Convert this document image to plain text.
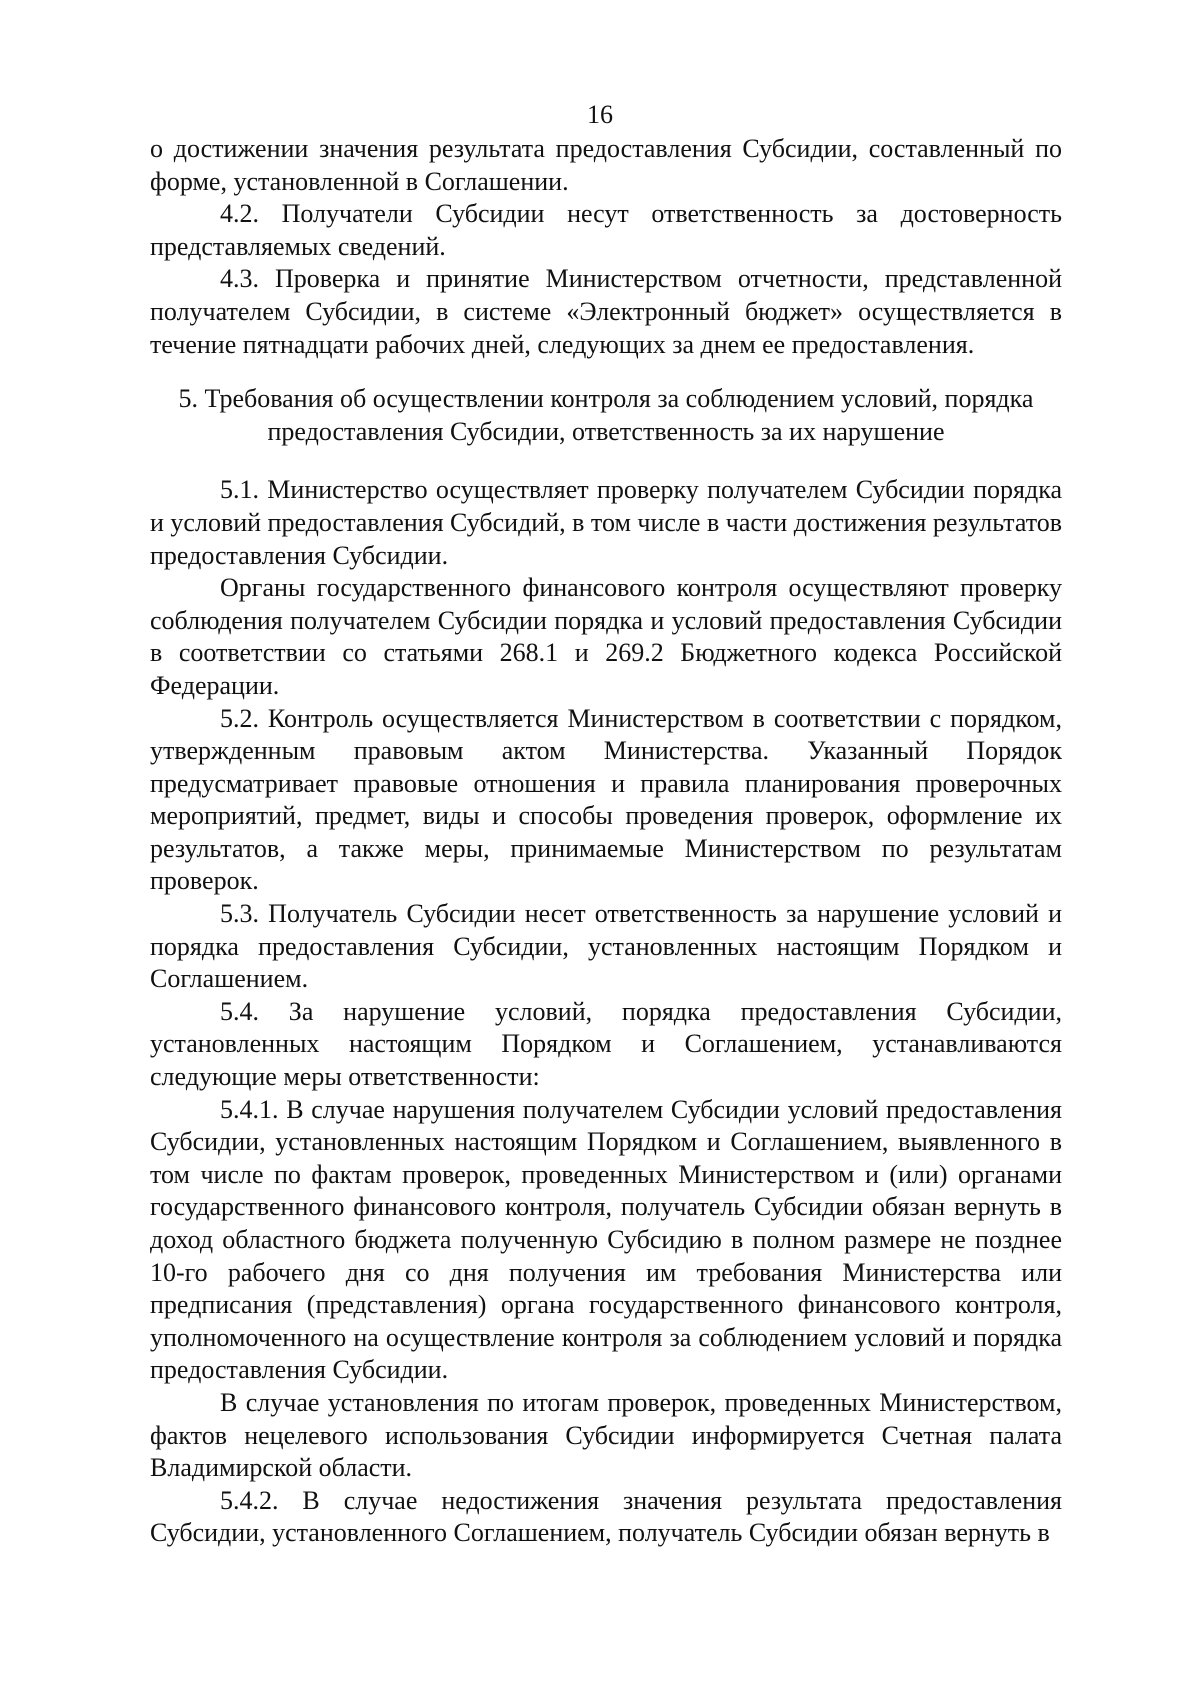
16

о достижении значения результата предоставления Субсидии, составленный по форме, установленной в Соглашении.

4.2. Получатели Субсидии несут ответственность за достоверность представляемых сведений.

4.3. Проверка и принятие Министерством отчетности, представленной получателем Субсидии, в системе «Электронный бюджет» осуществляется в течение пятнадцати рабочих дней, следующих за днем ее предоставления.

5. Требования об осуществлении контроля за соблюдением условий, порядка
предоставления Субсидии, ответственность за их нарушение

5.1. Министерство осуществляет проверку получателем Субсидии порядка и условий предоставления Субсидий, в том числе в части достижения результатов предоставления Субсидии.

Органы государственного финансового контроля осуществляют проверку соблюдения получателем Субсидии порядка и условий предоставления Субсидии в соответствии со статьями 268.1 и 269.2 Бюджетного кодекса Российской Федерации.

5.2. Контроль осуществляется Министерством в соответствии с порядком, утвержденным правовым актом Министерства. Указанный Порядок предусматривает правовые отношения и правила планирования проверочных мероприятий, предмет, виды и способы проведения проверок, оформление их результатов, а также меры, принимаемые Министерством по результатам проверок.

5.3. Получатель Субсидии несет ответственность за нарушение условий и порядка предоставления Субсидии, установленных настоящим Порядком и Соглашением.

5.4. За нарушение условий, порядка предоставления Субсидии, установленных настоящим Порядком и Соглашением, устанавливаются следующие меры ответственности:

5.4.1. В случае нарушения получателем Субсидии условий предоставления Субсидии, установленных настоящим Порядком и Соглашением, выявленного в том числе по фактам проверок, проведенных Министерством и (или) органами государственного финансового контроля, получатель Субсидии обязан вернуть в доход областного бюджета полученную Субсидию в полном размере не позднее 10-го рабочего дня со дня получения им требования Министерства или предписания (представления) органа государственного финансового контроля, уполномоченного на осуществление контроля за соблюдением условий и порядка предоставления Субсидии.

В случае установления по итогам проверок, проведенных Министерством, фактов нецелевого использования Субсидии информируется Счетная палата Владимирской области.

5.4.2. В случае недостижения значения результата предоставления Субсидии, установленного Соглашением, получатель Субсидии обязан вернуть в
